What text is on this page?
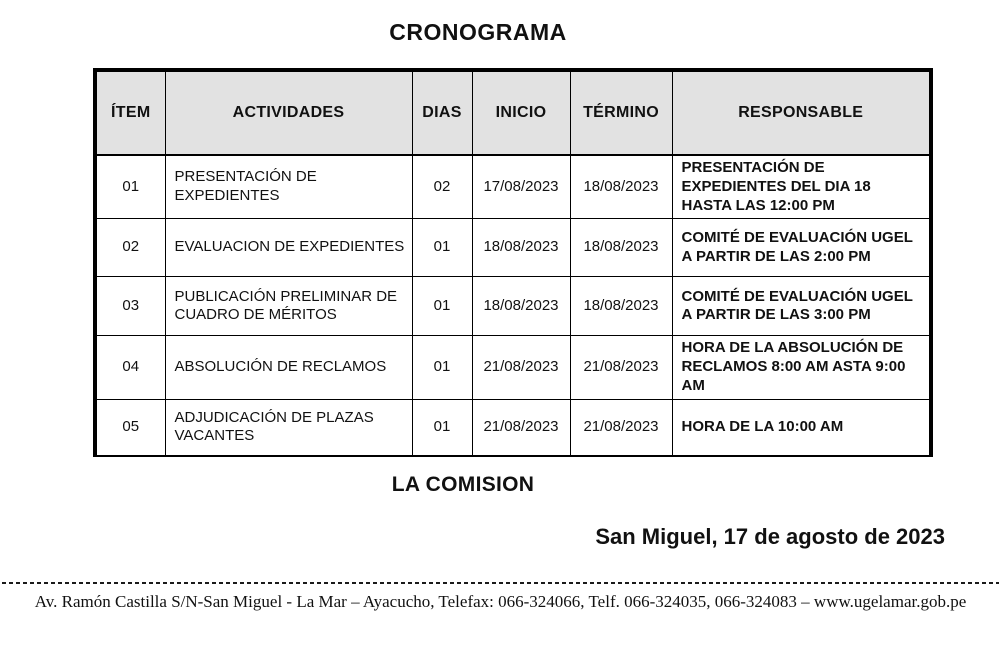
CRONOGRAMA
ÍTEM	ACTIVIDADES	DIAS	INICIO	TÉRMINO	RESPONSABLE
01	PRESENTACIÓN DE EXPEDIENTES	02	17/08/2023	18/08/2023	PRESENTACIÓN DE EXPEDIENTES DEL DIA 18 HASTA LAS 12:00 PM
02	EVALUACION DE EXPEDIENTES	01	18/08/2023	18/08/2023	COMITÉ DE EVALUACIÓN UGEL A PARTIR DE LAS 2:00 PM
03	PUBLICACIÓN PRELIMINAR DE CUADRO DE MÉRITOS	01	18/08/2023	18/08/2023	COMITÉ DE EVALUACIÓN UGEL A PARTIR DE LAS 3:00 PM
04	ABSOLUCIÓN DE RECLAMOS	01	21/08/2023	21/08/2023	HORA DE LA ABSOLUCIÓN DE RECLAMOS 8:00 AM ASTA 9:00 AM
05	ADJUDICACIÓN DE PLAZAS VACANTES	01	21/08/2023	21/08/2023	HORA DE LA 10:00 AM
LA COMISION
San Miguel, 17 de agosto de 2023
Av. Ramón Castilla S/N-San Miguel - La Mar – Ayacucho, Telefax: 066-324066, Telf. 066-324035, 066-324083 – www.ugelamar.gob.pe
